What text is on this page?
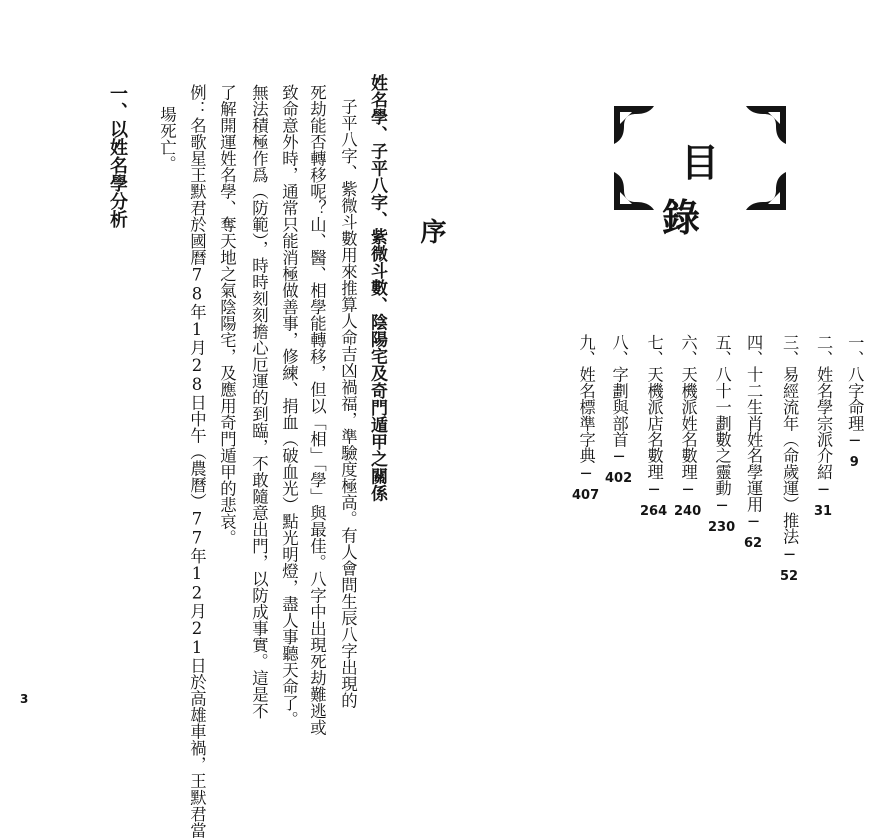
一、以姓名學分析 場死亡。 例：名歌星王默君於國曆78年1月28日中午（農曆）77年12月21日於高雄車禍，王默君當 了解開運姓名學、奪天地之氣陰陽宅，及應用奇門遁甲的悲哀。 無法積極作爲（防範），時時刻刻擔心厄運的到臨，不敢隨意出門，以防成事實。這是不 致命意外時，通常只能消極做善事，修練、捐血（破血光）點光明燈，盡人事聽天命了。 死劫能否轉移呢？山、醫、相學能轉移，但以「相」「學」與最佳。八字中出現死劫難逃或 子平八字、紫微斗數用來推算人命吉凶禍福，準驗度極高。有人會問生辰八字出現的 姓名學、子平八字、紫微斗數、陰陽宅及奇門遁甲之關係 序
3
目錄
一、八字命理─9
二、姓名學宗派介紹─31
三、易經流年（命歲運）推法─52
四、十二生肖姓名學運用─62
五、八十一劃數之靈動─230
六、天機派姓名數理─240
七、天機派店名數理─264
八、字劃與部首─402
九、姓名標準字典─407
